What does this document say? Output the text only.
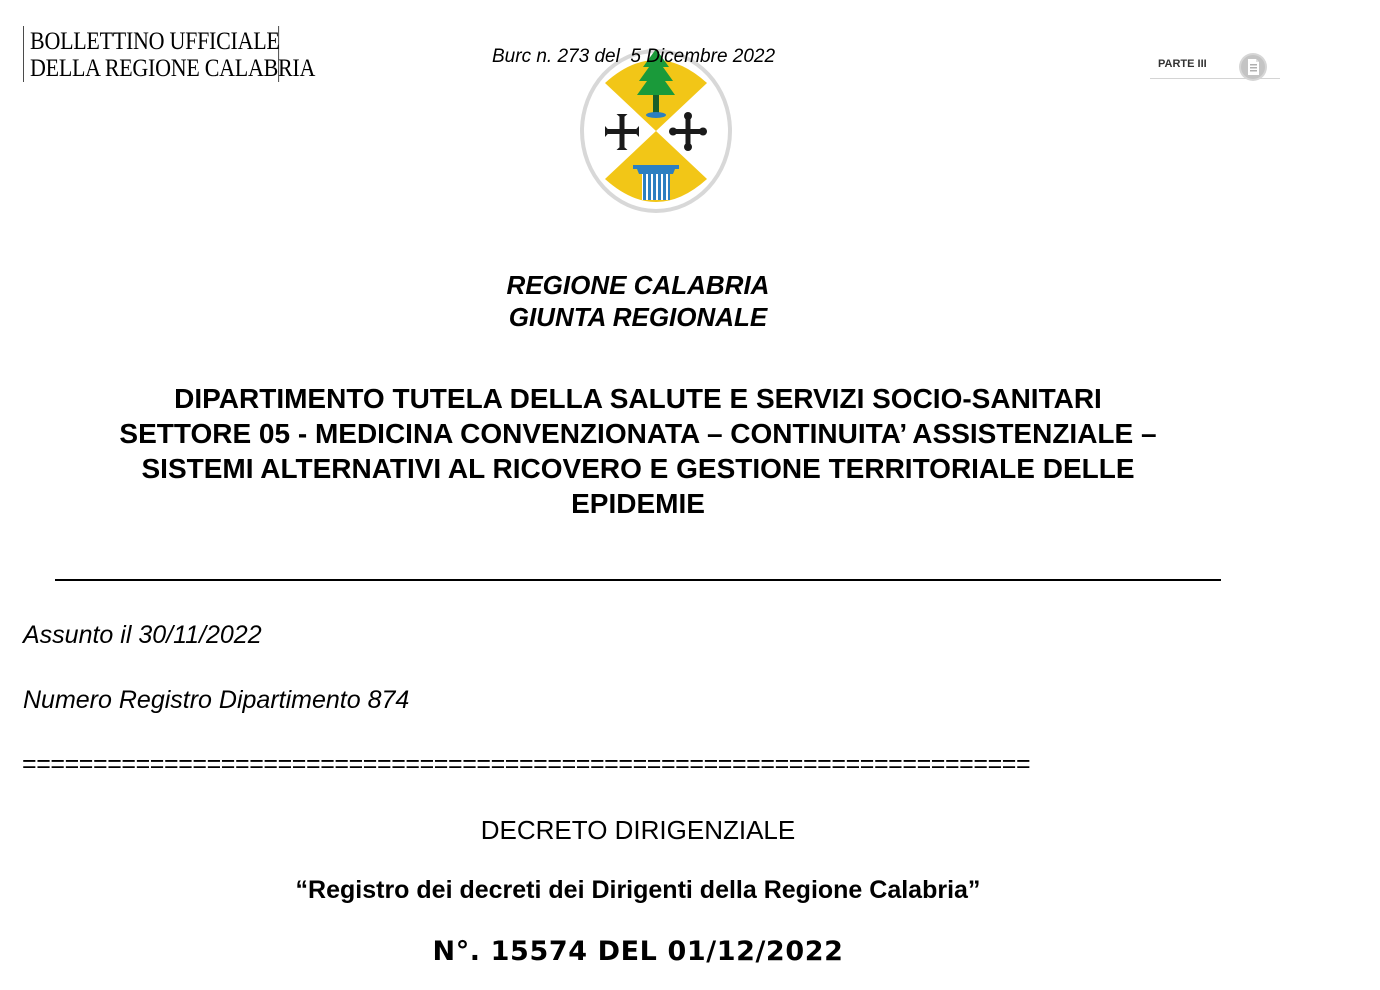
BOLLETTINO UFFICIALE
DELLA REGIONE CALABRIA	Burc n. 273 del  5 Dicembre 2022	PARTE III
REGIONE CALABRIA
GIUNTA REGIONALE
DIPARTIMENTO TUTELA DELLA SALUTE E SERVIZI SOCIO-SANITARI
SETTORE 05 - MEDICINA CONVENZIONATA – CONTINUITA’ ASSISTENZIALE –
SISTEMI ALTERNATIVI AL RICOVERO E GESTIONE TERRITORIALE DELLE
EPIDEMIE
Assunto il 30/11/2022
Numero Registro Dipartimento 874
=======================================================================
DECRETO DIRIGENZIALE
“Registro dei decreti dei Dirigenti della Regione Calabria”
N°. 15574 DEL 01/12/2022
